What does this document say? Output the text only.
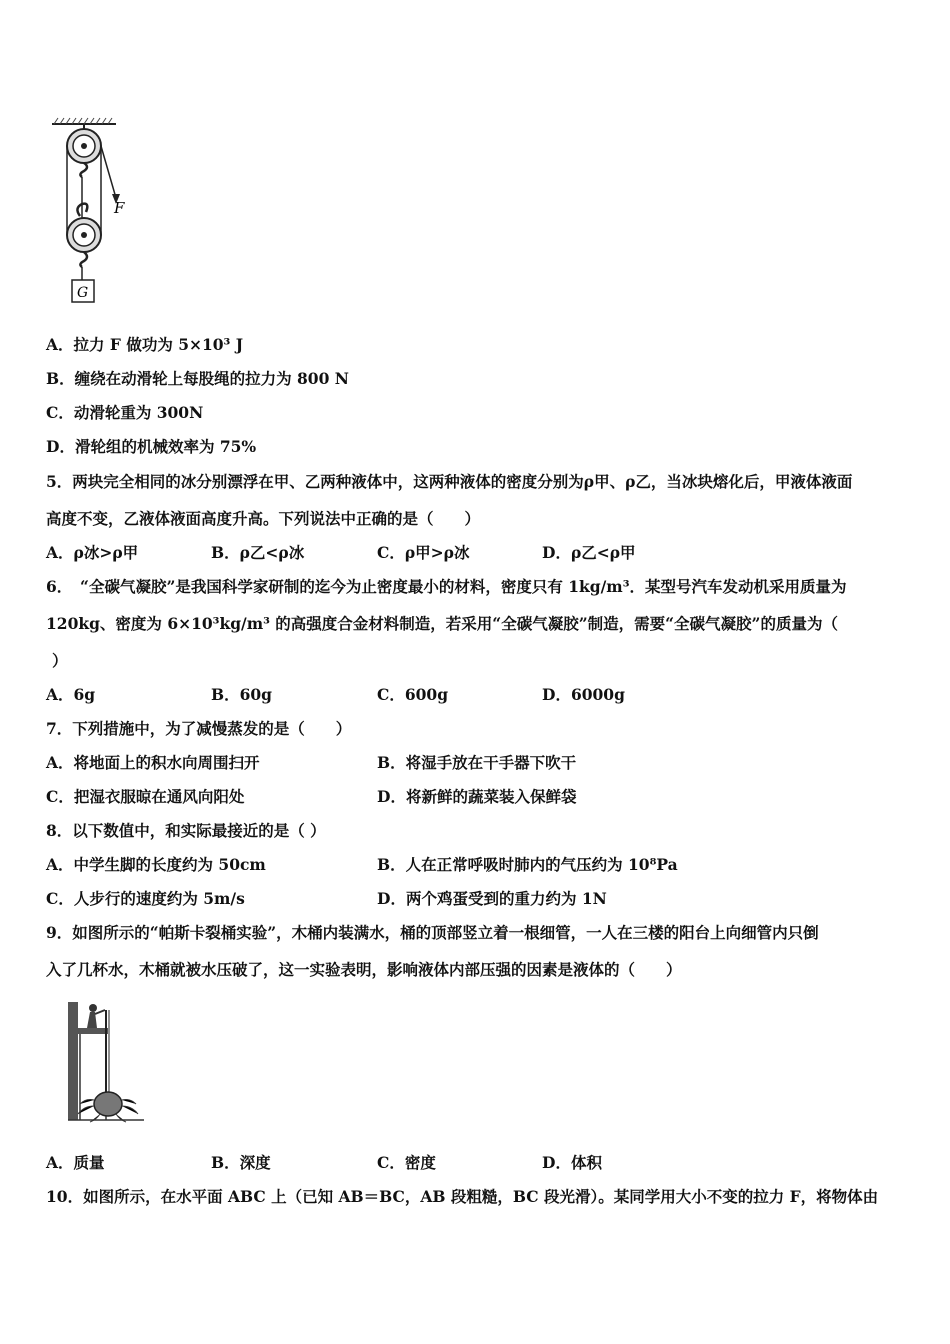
F
G
A．拉力 F 做功为 5×10³ J
B．缠绕在动滑轮上每股绳的拉力为 800 N
C．动滑轮重为 300N
D．滑轮组的机械效率为 75%
5．两块完全相同的冰分别漂浮在甲、乙两种液体中，这两种液体的密度分别为ρ甲、ρ乙，当冰块熔化后，甲液体液面
高度不变，乙液体液面高度升高。下列说法中正确的是（　　）
A．ρ冰>ρ甲	B．ρ乙<ρ冰	C．ρ甲>ρ冰	D．ρ乙<ρ甲
6．　“全碳气凝胶”是我国科学家研制的迄今为止密度最小的材料，密度只有 1kg/m³．某型号汽车发动机采用质量为
120kg、密度为 6×10³kg/m³ 的高强度合金材料制造，若采用“全碳气凝胶”制造，需要“全碳气凝胶”的质量为（
）
A．6g	B．60g	C．600g	D．6000g
7．下列措施中，为了减慢蒸发的是（　　）
A．将地面上的积水向周围扫开	B．将湿手放在干手器下吹干
C．把湿衣服晾在通风向阳处	D．将新鲜的蔬菜装入保鲜袋
8．以下数值中，和实际最接近的是（ ）
A．中学生脚的长度约为 50cm	B．人在正常呼吸时肺内的气压约为 10⁸Pa
C．人步行的速度约为 5m/s	D．两个鸡蛋受到的重力约为 1N
9．如图所示的“帕斯卡裂桶实验”，木桶内装满水，桶的顶部竖立着一根细管，一人在三楼的阳台上向细管内只倒
入了几杯水，木桶就被水压破了，这一实验表明，影响液体内部压强的因素是液体的（　　）
A．质量	B．深度	C．密度	D．体积
10．如图所示，在水平面 ABC 上（已知 AB＝BC，AB 段粗糙，BC 段光滑）。某同学用大小不变的拉力 F，将物体由
